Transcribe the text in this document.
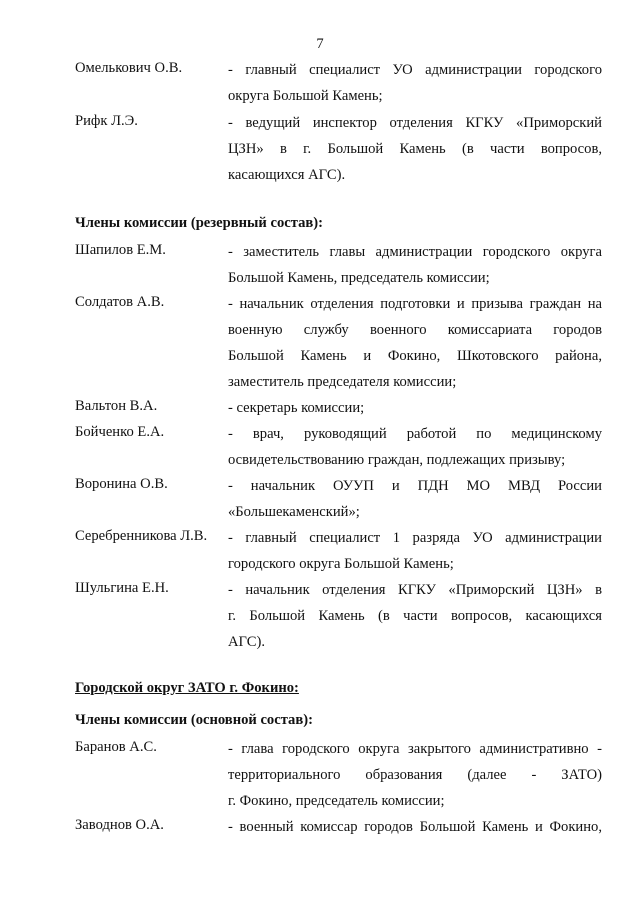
7
Омелькович О.В.	- главный специалист УО администрации городского
округа Большой Камень;
Рифк Л.Э.	- ведущий инспектор отделения КГКУ «Приморский
ЦЗН» в г. Большой Камень (в части вопросов,
касающихся АГС).
Члены комиссии (резервный состав):
Шапилов Е.М.	- заместитель главы администрации городского округа
Большой Камень, председатель комиссии;
Солдатов А.В.	- начальник отделения подготовки и призыва граждан на
военную службу военного комиссариата городов
Большой Камень и Фокино, Шкотовского района,
заместитель председателя комиссии;
Вальтон В.А.	- секретарь комиссии;
Бойченко Е.А.	- врач, руководящий работой по медицинскому
освидетельствованию граждан, подлежащих призыву;
Воронина О.В.	- начальник ОУУП и ПДН МО МВД России
«Большекаменский»;
Серебренникова Л.В. - главный специалист 1 разряда УО администрации
городского округа Большой Камень;
Шульгина Е.Н.	- начальник отделения КГКУ «Приморский ЦЗН» в
г. Большой Камень (в части вопросов, касающихся
АГС).
Городской округ ЗАТО г. Фокино:
Члены комиссии (основной состав):
Баранов А.С.	- глава городского округа закрытого административно -
территориального образования (далее - ЗАТО)
г. Фокино, председатель комиссии;
Заводнов О.А.	- военный комиссар городов Большой Камень и Фокино,
